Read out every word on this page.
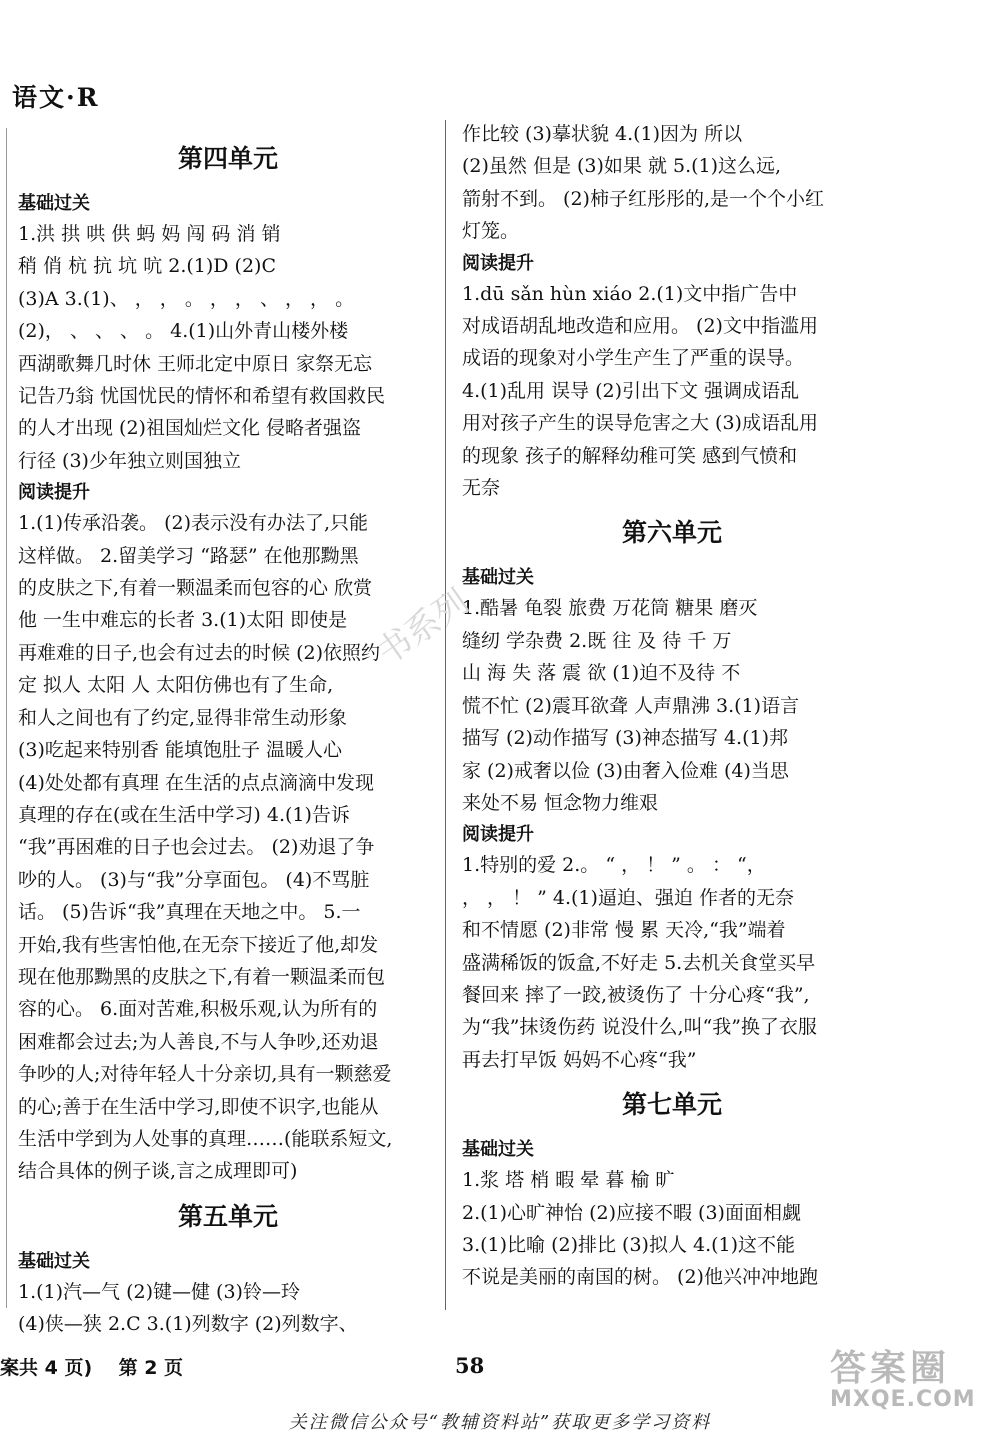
语文·R
第四单元
基础过关
1.洪 拱 哄 供 蚂 妈 闯 码 消 销
稍 俏 杭 抗 坑 吭 2.(1)D (2)C
(3)A 3.(1)、 ， ， 。 ， ， 、 ， ， 。
(2)， 、 、 、 。 4.(1)山外青山楼外楼
西湖歌舞几时休 王师北定中原日 家祭无忘
记告乃翁 忧国忧民的情怀和希望有救国救民
的人才出现 (2)祖国灿烂文化 侵略者强盗
行径 (3)少年独立则国独立
阅读提升
1.(1)传承沿袭。 (2)表示没有办法了,只能
这样做。 2.留美学习 “路瑟” 在他那黝黑
的皮肤之下,有着一颗温柔而包容的心 欣赏
他 一生中难忘的长者 3.(1)太阳 即使是
再难难的日子,也会有过去的时候 (2)依照约
定 拟人 太阳 人 太阳仿佛也有了生命,
和人之间也有了约定,显得非常生动形象
(3)吃起来特别香 能填饱肚子 温暖人心
(4)处处都有真理 在生活的点点滴滴中发现
真理的存在(或在生活中学习) 4.(1)告诉
“我”再困难的日子也会过去。 (2)劝退了争
吵的人。 (3)与“我”分享面包。 (4)不骂脏
话。 (5)告诉“我”真理在天地之中。 5.一
开始,我有些害怕他,在无奈下接近了他,却发
现在他那黝黑的皮肤之下,有着一颗温柔而包
容的心。 6.面对苦难,积极乐观,认为所有的
困难都会过去;为人善良,不与人争吵,还劝退
争吵的人;对待年轻人十分亲切,具有一颗慈爱
的心;善于在生活中学习,即使不识字,也能从
生活中学到为人处事的真理……(能联系短文,
结合具体的例子谈,言之成理即可)
第五单元
基础过关
1.(1)汽—气 (2)键—健 (3)铃—玲
(4)侠—狭 2.C 3.(1)列数字 (2)列数字、
作比较 (3)摹状貌 4.(1)因为 所以
(2)虽然 但是 (3)如果 就 5.(1)这么远,
箭射不到。 (2)柿子红彤彤的,是一个个小红
灯笼。
阅读提升
1.dū sǎn hùn xiáo 2.(1)文中指广告中
对成语胡乱地改造和应用。 (2)文中指滥用
成语的现象对小学生产生了严重的误导。
4.(1)乱用 误导 (2)引出下文 强调成语乱
用对孩子产生的误导危害之大 (3)成语乱用
的现象 孩子的解释幼稚可笑 感到气愤和
无奈
第六单元
基础过关
1.酷暑 龟裂 旅费 万花筒 糖果 磨灭
缝纫 学杂费 2.既 往 及 待 千 万
山 海 失 落 震 欲 (1)迫不及待 不
慌不忙 (2)震耳欲聋 人声鼎沸 3.(1)语言
描写 (2)动作描写 (3)神态描写 4.(1)邦
家 (2)戒奢以俭 (3)由奢入俭难 (4)当思
来处不易 恒念物力维艰
阅读提升
1.特别的爱 2.。 “ ， ！ ” 。 ： “，
， ， ！ ” 4.(1)逼迫、强迫 作者的无奈
和不情愿 (2)非常 慢 累 天冷,“我”端着
盛满稀饭的饭盒,不好走 5.去机关食堂买早
餐回来 摔了一跤,被烫伤了 十分心疼“我”,
为“我”抹烫伤药 说没什么,叫“我”换了衣服
再去打早饭 妈妈不心疼“我”
第七单元
基础过关
1.浆 塔 梢 暇 晕 暮 榆 旷
2.(1)心旷神怡 (2)应接不暇 (3)面面相觑
3.(1)比喻 (2)排比 (3)拟人 4.(1)这不能
不说是美丽的南国的树。 (2)他兴冲冲地跑
书系列
案共 4 页)    第 2 页	58
关注微信公众号“教辅资料站”获取更多学习资料
答案圈
MXQE.COM
